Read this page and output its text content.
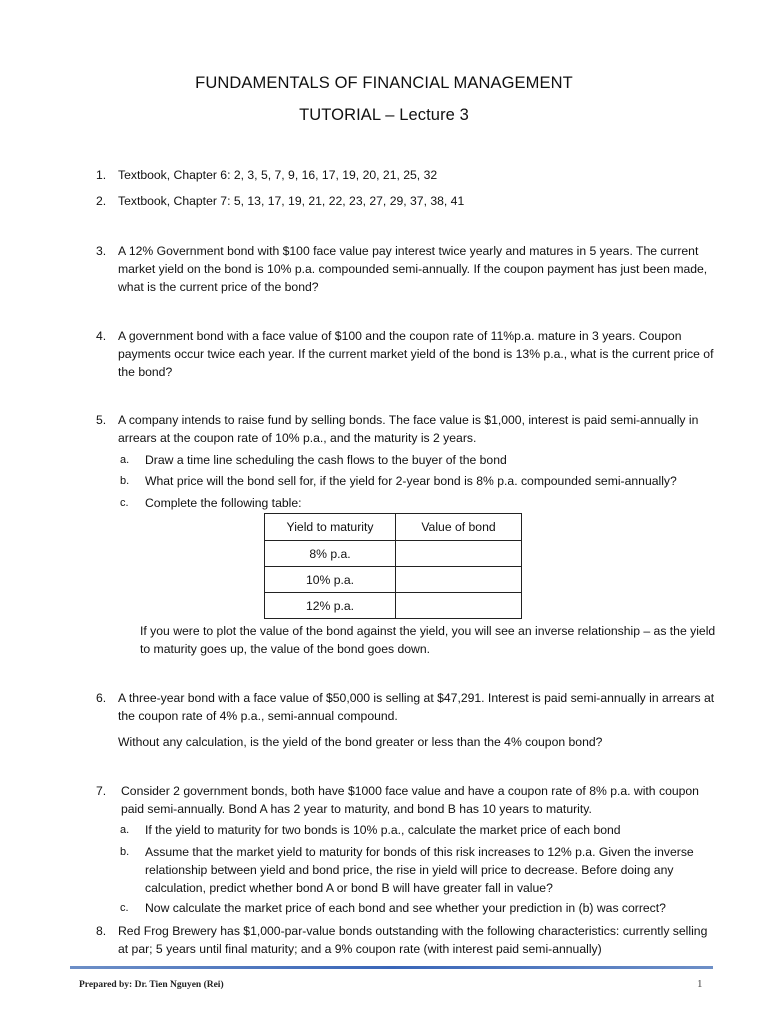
FUNDAMENTALS OF FINANCIAL MANAGEMENT
TUTORIAL – Lecture 3
1. Textbook, Chapter 6: 2, 3, 5, 7, 9, 16, 17, 19, 20, 21, 25, 32
2. Textbook, Chapter 7: 5, 13, 17, 19, 21, 22, 23, 27, 29, 37, 38, 41
3. A 12% Government bond with $100 face value pay interest twice yearly and matures in 5 years. The current market yield on the bond is 10% p.a. compounded semi-annually. If the coupon payment has just been made, what is the current price of the bond?
4. A government bond with a face value of $100 and the coupon rate of 11%p.a. mature in 3 years. Coupon payments occur twice each year. If the current market yield of the bond is 13% p.a., what is the current price of the bond?
5. A company intends to raise fund by selling bonds. The face value is $1,000, interest is paid semi-annually in arrears at the coupon rate of 10% p.a., and the maturity is 2 years.
a. Draw a time line scheduling the cash flows to the buyer of the bond
b. What price will the bond sell for, if the yield for 2-year bond is 8% p.a. compounded semi-annually?
c. Complete the following table:
Yield to maturity	Value of bond
8% p.a.	
10% p.a.	
12% p.a.	
If you were to plot the value of the bond against the yield, you will see an inverse relationship – as the yield to maturity goes up, the value of the bond goes down.
6. A three-year bond with a face value of $50,000 is selling at $47,291. Interest is paid semi-annually in arrears at the coupon rate of 4% p.a., semi-annual compound.
Without any calculation, is the yield of the bond greater or less than the 4% coupon bond?
7. Consider 2 government bonds, both have $1000 face value and have a coupon rate of 8% p.a. with coupon paid semi-annually. Bond A has 2 year to maturity, and bond B has 10 years to maturity.
a. If the yield to maturity for two bonds is 10% p.a., calculate the market price of each bond
b. Assume that the market yield to maturity for bonds of this risk increases to 12% p.a. Given the inverse relationship between yield and bond price, the rise in yield will price to decrease. Before doing any calculation, predict whether bond A or bond B will have greater fall in value?
c. Now calculate the market price of each bond and see whether your prediction in (b) was correct?
8. Red Frog Brewery has $1,000-par-value bonds outstanding with the following characteristics: currently selling at par; 5 years until final maturity; and a 9% coupon rate (with interest paid semi-annually)
Prepared by: Dr. Tien Nguyen (Rei)	1
